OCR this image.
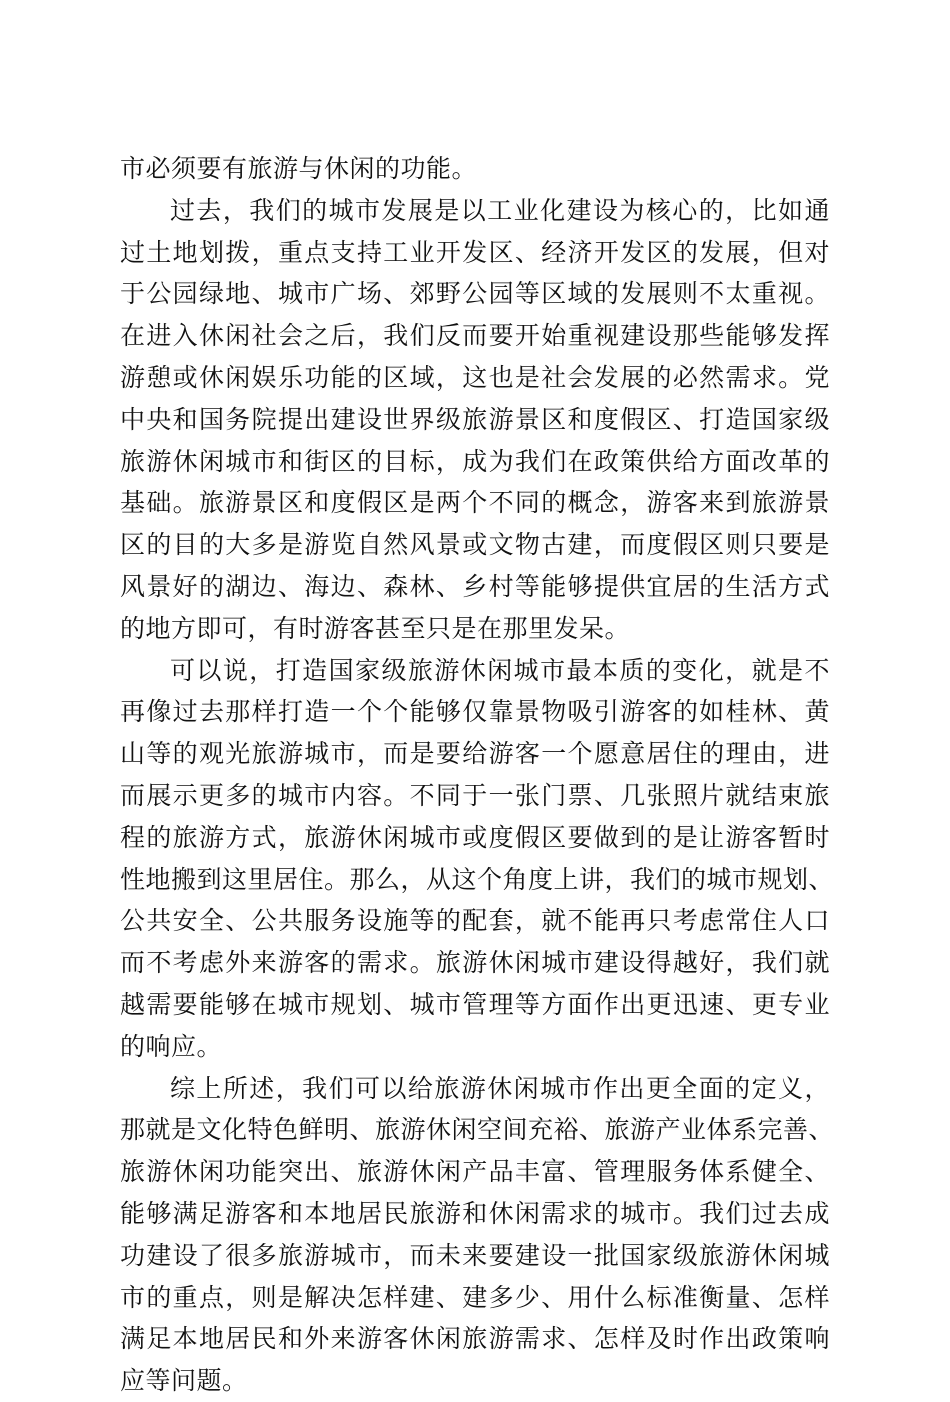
市必须要有旅游与休闲的功能。
过去，我们的城市发展是以工业化建设为核心的，比如通
过土地划拨，重点支持工业开发区、经济开发区的发展，但对
于公园绿地、城市广场、郊野公园等区域的发展则不太重视。
在进入休闲社会之后，我们反而要开始重视建设那些能够发挥
游憩或休闲娱乐功能的区域，这也是社会发展的必然需求。党
中央和国务院提出建设世界级旅游景区和度假区、打造国家级
旅游休闲城市和街区的目标，成为我们在政策供给方面改革的
基础。旅游景区和度假区是两个不同的概念，游客来到旅游景
区的目的大多是游览自然风景或文物古建，而度假区则只要是
风景好的湖边、海边、森林、乡村等能够提供宜居的生活方式
的地方即可，有时游客甚至只是在那里发呆。
可以说，打造国家级旅游休闲城市最本质的变化，就是不
再像过去那样打造一个个能够仅靠景物吸引游客的如桂林、黄
山等的观光旅游城市，而是要给游客一个愿意居住的理由，进
而展示更多的城市内容。不同于一张门票、几张照片就结束旅
程的旅游方式，旅游休闲城市或度假区要做到的是让游客暂时
性地搬到这里居住。那么，从这个角度上讲，我们的城市规划、
公共安全、公共服务设施等的配套，就不能再只考虑常住人口
而不考虑外来游客的需求。旅游休闲城市建设得越好，我们就
越需要能够在城市规划、城市管理等方面作出更迅速、更专业
的响应。
综上所述，我们可以给旅游休闲城市作出更全面的定义，
那就是文化特色鲜明、旅游休闲空间充裕、旅游产业体系完善、
旅游休闲功能突出、旅游休闲产品丰富、管理服务体系健全、
能够满足游客和本地居民旅游和休闲需求的城市。我们过去成
功建设了很多旅游城市，而未来要建设一批国家级旅游休闲城
市的重点，则是解决怎样建、建多少、用什么标准衡量、怎样
满足本地居民和外来游客休闲旅游需求、怎样及时作出政策响
应等问题。
